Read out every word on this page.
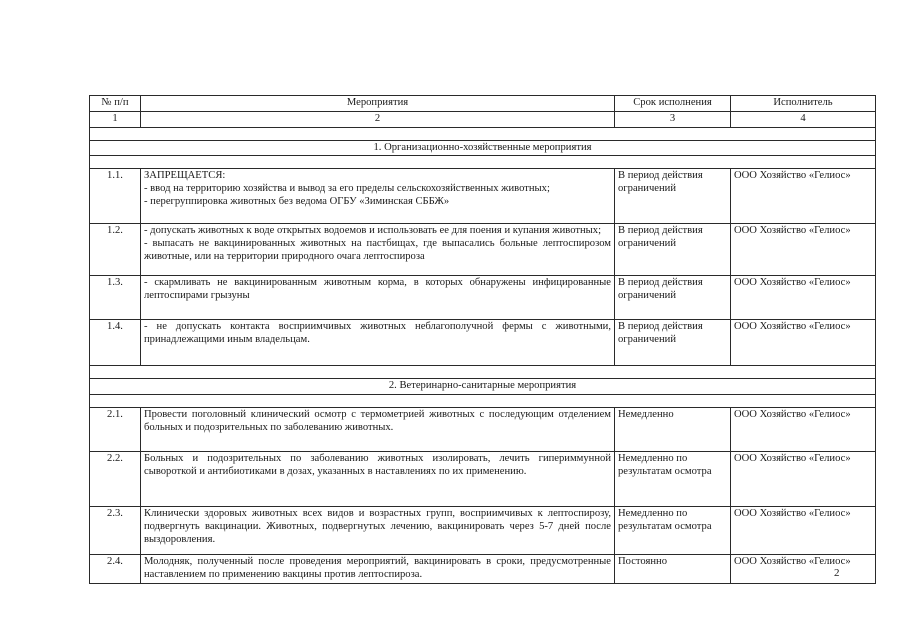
№ п/п	Мероприятия	Срок исполнения	Исполнитель
1	2	3	4

1. Организационно-хозяйственные мероприятия			

1.1.	ЗАПРЕЩАЕТСЯ:
- ввод на территорию хозяйства и вывод за его пределы сельскохозяйственных животных;
- перегруппировка животных без ведома ОГБУ «Зиминская СББЖ»	В период действия ограничений	ООО Хозяйство «Гелиос»
1.2.	- допускать животных к воде открытых водоемов и использовать ее для поения и купания животных;
- выпасать не вакцинированных животных на пастбищах, где выпасались больные лептоспирозом животные, или на территории природного очага лептоспироза	В период действия ограничений	ООО Хозяйство «Гелиос»
1.3.	- скармливать не вакцинированным животным корма, в которых обнаружены инфицированные лептоспирами грызуны	В период действия ограничений	ООО Хозяйство «Гелиос»
1.4.	- не допускать контакта восприимчивых животных неблагополучной фермы с животными, принадлежащими иным владельцам.	В период действия ограничений	ООО Хозяйство «Гелиос»

2. Ветеринарно-санитарные мероприятия			

2.1.	Провести поголовный клинический осмотр с термометрией животных с последующим отделением больных и подозрительных по заболеванию животных.	Немедленно	ООО Хозяйство «Гелиос»
2.2.	Больных и подозрительных по заболеванию животных изолировать, лечить гипериммунной сывороткой и антибиотиками в дозах, указанных в наставлениях по их применению.	Немедленно по результатам осмотра	ООО Хозяйство «Гелиос»
2.3.	Клинически здоровых животных всех видов и возрастных групп, восприимчивых к лептоспирозу, подвергнуть вакцинации. Животных, подвергнутых лечению, вакцинировать через 5-7 дней после выздоровления.	Немедленно по результатам осмотра	ООО Хозяйство «Гелиос»
2.4.	Молодняк, полученный после проведения мероприятий, вакцинировать в сроки, предусмотренные наставлением по применению вакцины против лептоспироза.	Постоянно	ООО Хозяйство «Гелиос»
2
